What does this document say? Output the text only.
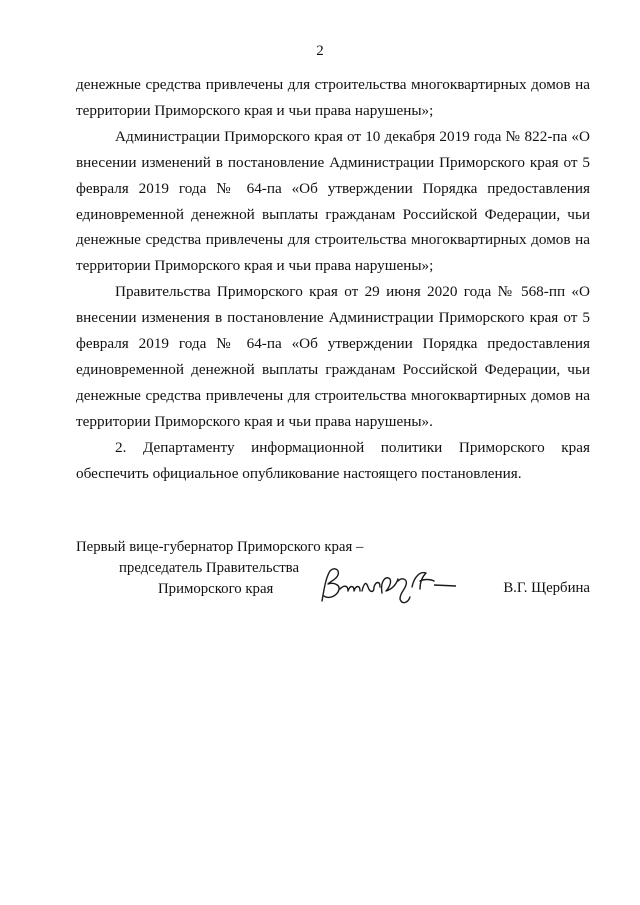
2

денежные средства привлечены для строительства многоквартирных домов на территории Приморского края и чьи права нарушены»;

Администрации Приморского края от 10 декабря 2019 года № 822-па «О внесении изменений в постановление Администрации Приморского края от 5 февраля 2019 года № 64-па «Об утверждении Порядка предоставления единовременной денежной выплаты гражданам Российской Федерации, чьи денежные средства привлечены для строительства многоквартирных домов на территории Приморского края и чьи права нарушены»;

Правительства Приморского края от 29 июня 2020 года № 568-пп «О внесении изменения в постановление Администрации Приморского края от 5 февраля 2019 года № 64-па «Об утверждении Порядка предоставления единовременной денежной выплаты гражданам Российской Федерации, чьи денежные средства привлечены для строительства многоквартирных домов на территории Приморского края и чьи права нарушены».

2. Департаменту информационной политики Приморского края обеспечить официальное опубликование настоящего постановления.

Первый вице-губернатор Приморского края –
председатель Правительства
Приморского края	В.Г. Щербина
